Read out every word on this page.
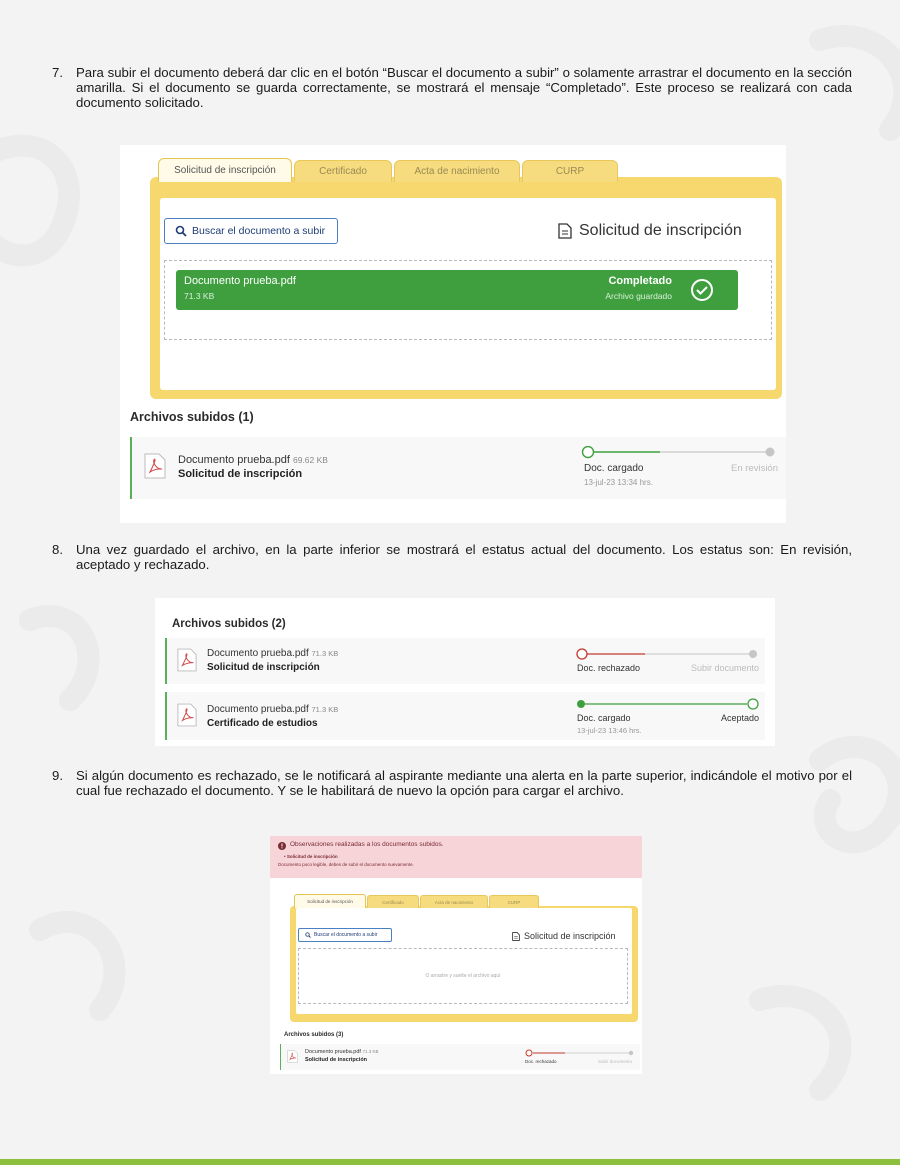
7. Para subir el documento deberá dar clic en el botón “Buscar el documento a subir” o solamente arrastrar el documento en la sección amarilla. Si el documento se guarda correctamente, se mostrará el mensaje “Completado”. Este proceso se realizará con cada documento solicitado.
8. Una vez guardado el archivo, en la parte inferior se mostrará el estatus actual del documento. Los estatus son: En revisión, aceptado y rechazado.
9. Si algún documento es rechazado, se le notificará al aspirante mediante una alerta en la parte superior, indicándole el motivo por el cual fue rechazado el documento. Y se le habilitará de nuevo la opción para cargar el archivo.
Solicitud de inscripción	Certificado	Acta de nacimiento	CURP
Buscar el documento a subir	Solicitud de inscripción
Documento prueba.pdf
71.3 KB
Completado
Archivo guardado
Archivos subidos (1)
Documento prueba.pdf 69.62 KB
Solicitud de inscripción	Doc. cargado
13-jul-23 13:34 hrs.
En revisión
Archivos subidos (2)
Documento prueba.pdf 71.3 KB
Solicitud de inscripción	Doc. rechazado	Subir documento
Documento prueba.pdf 71.3 KB
Certificado de estudios	Doc. cargado
13-jul-23 13:46 hrs.
Aceptado
Observaciones realizadas a los documentos subidos.
• Solicitud de inscripción
Documento poco legible, debes de subir el documento nuevamente.
Solicitud de inscripción	Certificado	Acta de nacimiento	CURP
Buscar el documento a subir	Solicitud de inscripción
O arrastre y suelte el archivo aquí
Archivos subidos (3)
Documento prueba.pdf 71.3 KB
Solicitud de inscripción	Doc. rechazado	Subir documento
